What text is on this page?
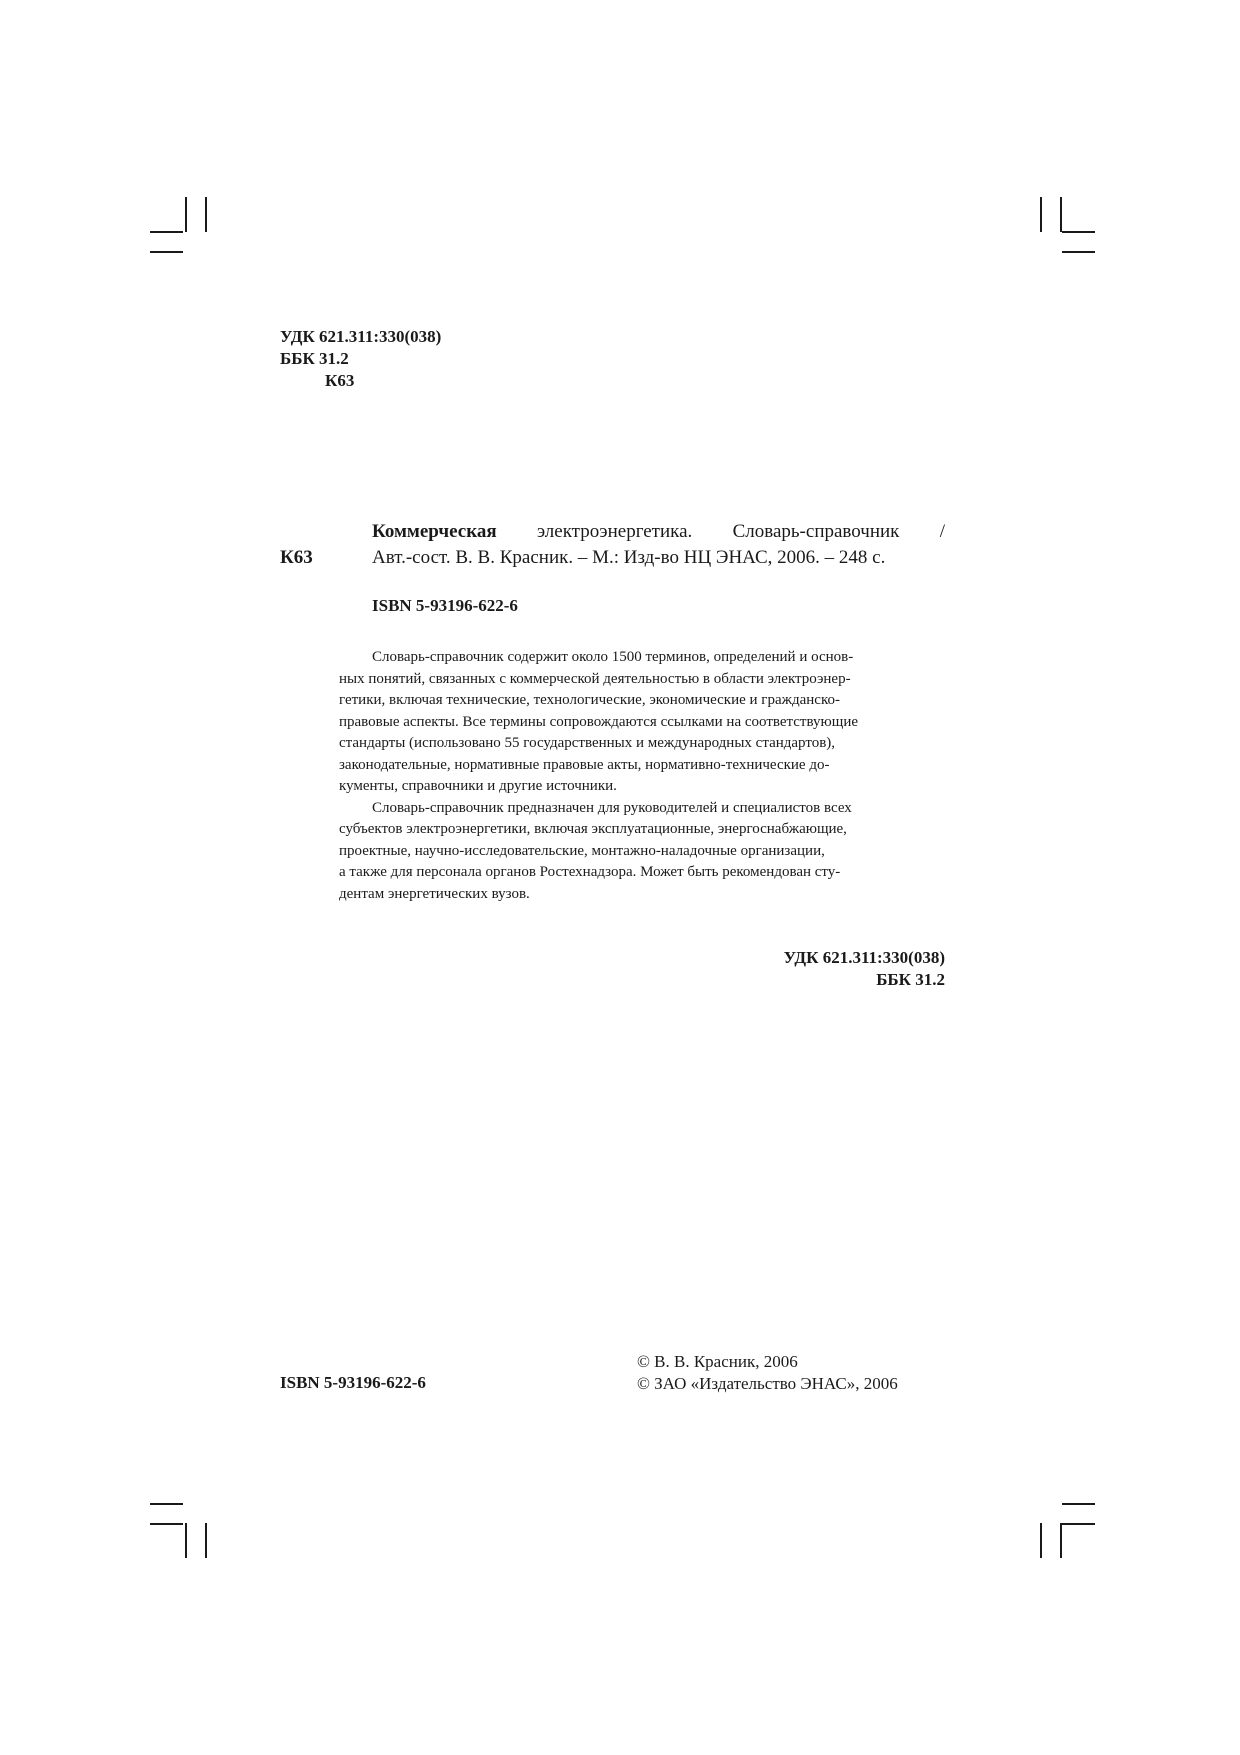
УДК 621.311:330(038)
ББК 31.2
К63
К63
Коммерческая электроэнергетика. Словарь-справочник /
Авт.-сост. В. В. Красник. – М.: Изд-во НЦ ЭНАС, 2006. – 248 с.
ISBN 5-93196-622-6

Словарь-справочник содержит около 1500 терминов, определений и основ-
ных понятий, связанных с коммерческой деятельностью в области электроэнер-
гетики, включая технические, технологические, экономические и гражданско-
правовые аспекты. Все термины сопровождаются ссылками на соответствующие
стандарты (использовано 55 государственных и международных стандартов),
законодательные, нормативные правовые акты, нормативно-технические до-
кументы, справочники и другие источники.

Словарь-справочник предназначен для руководителей и специалистов всех
субъектов электроэнергетики, включая эксплуатационные, энергоснабжающие,
проектные, научно-исследовательские, монтажно-наладочные организации,
а также для персонала органов Ростехнадзора. Может быть рекомендован сту-
дентам энергетических вузов.

УДК 621.311:330(038)
ББК 31.2
ISBN 5-93196-622-6
© В. В. Красник, 2006
© ЗАО «Издательство ЭНАС», 2006
